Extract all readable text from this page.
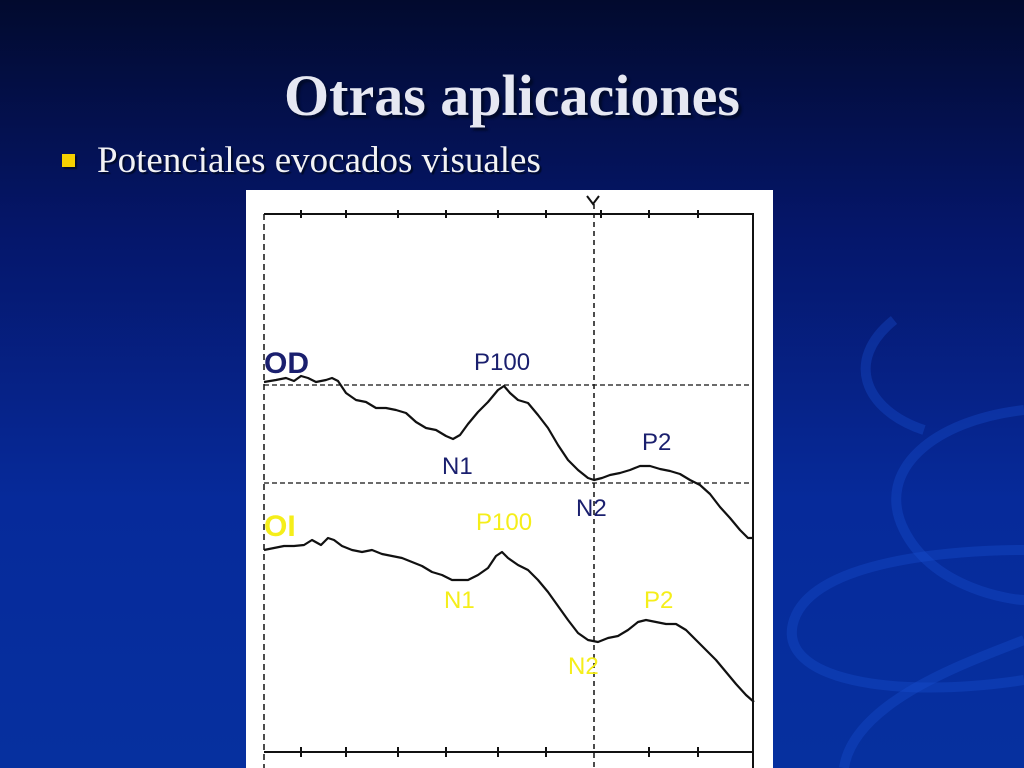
Otras aplicaciones
Potenciales evocados visuales
OD	P100
N1
N2
P2
OI	P100
N1
N2
P2
